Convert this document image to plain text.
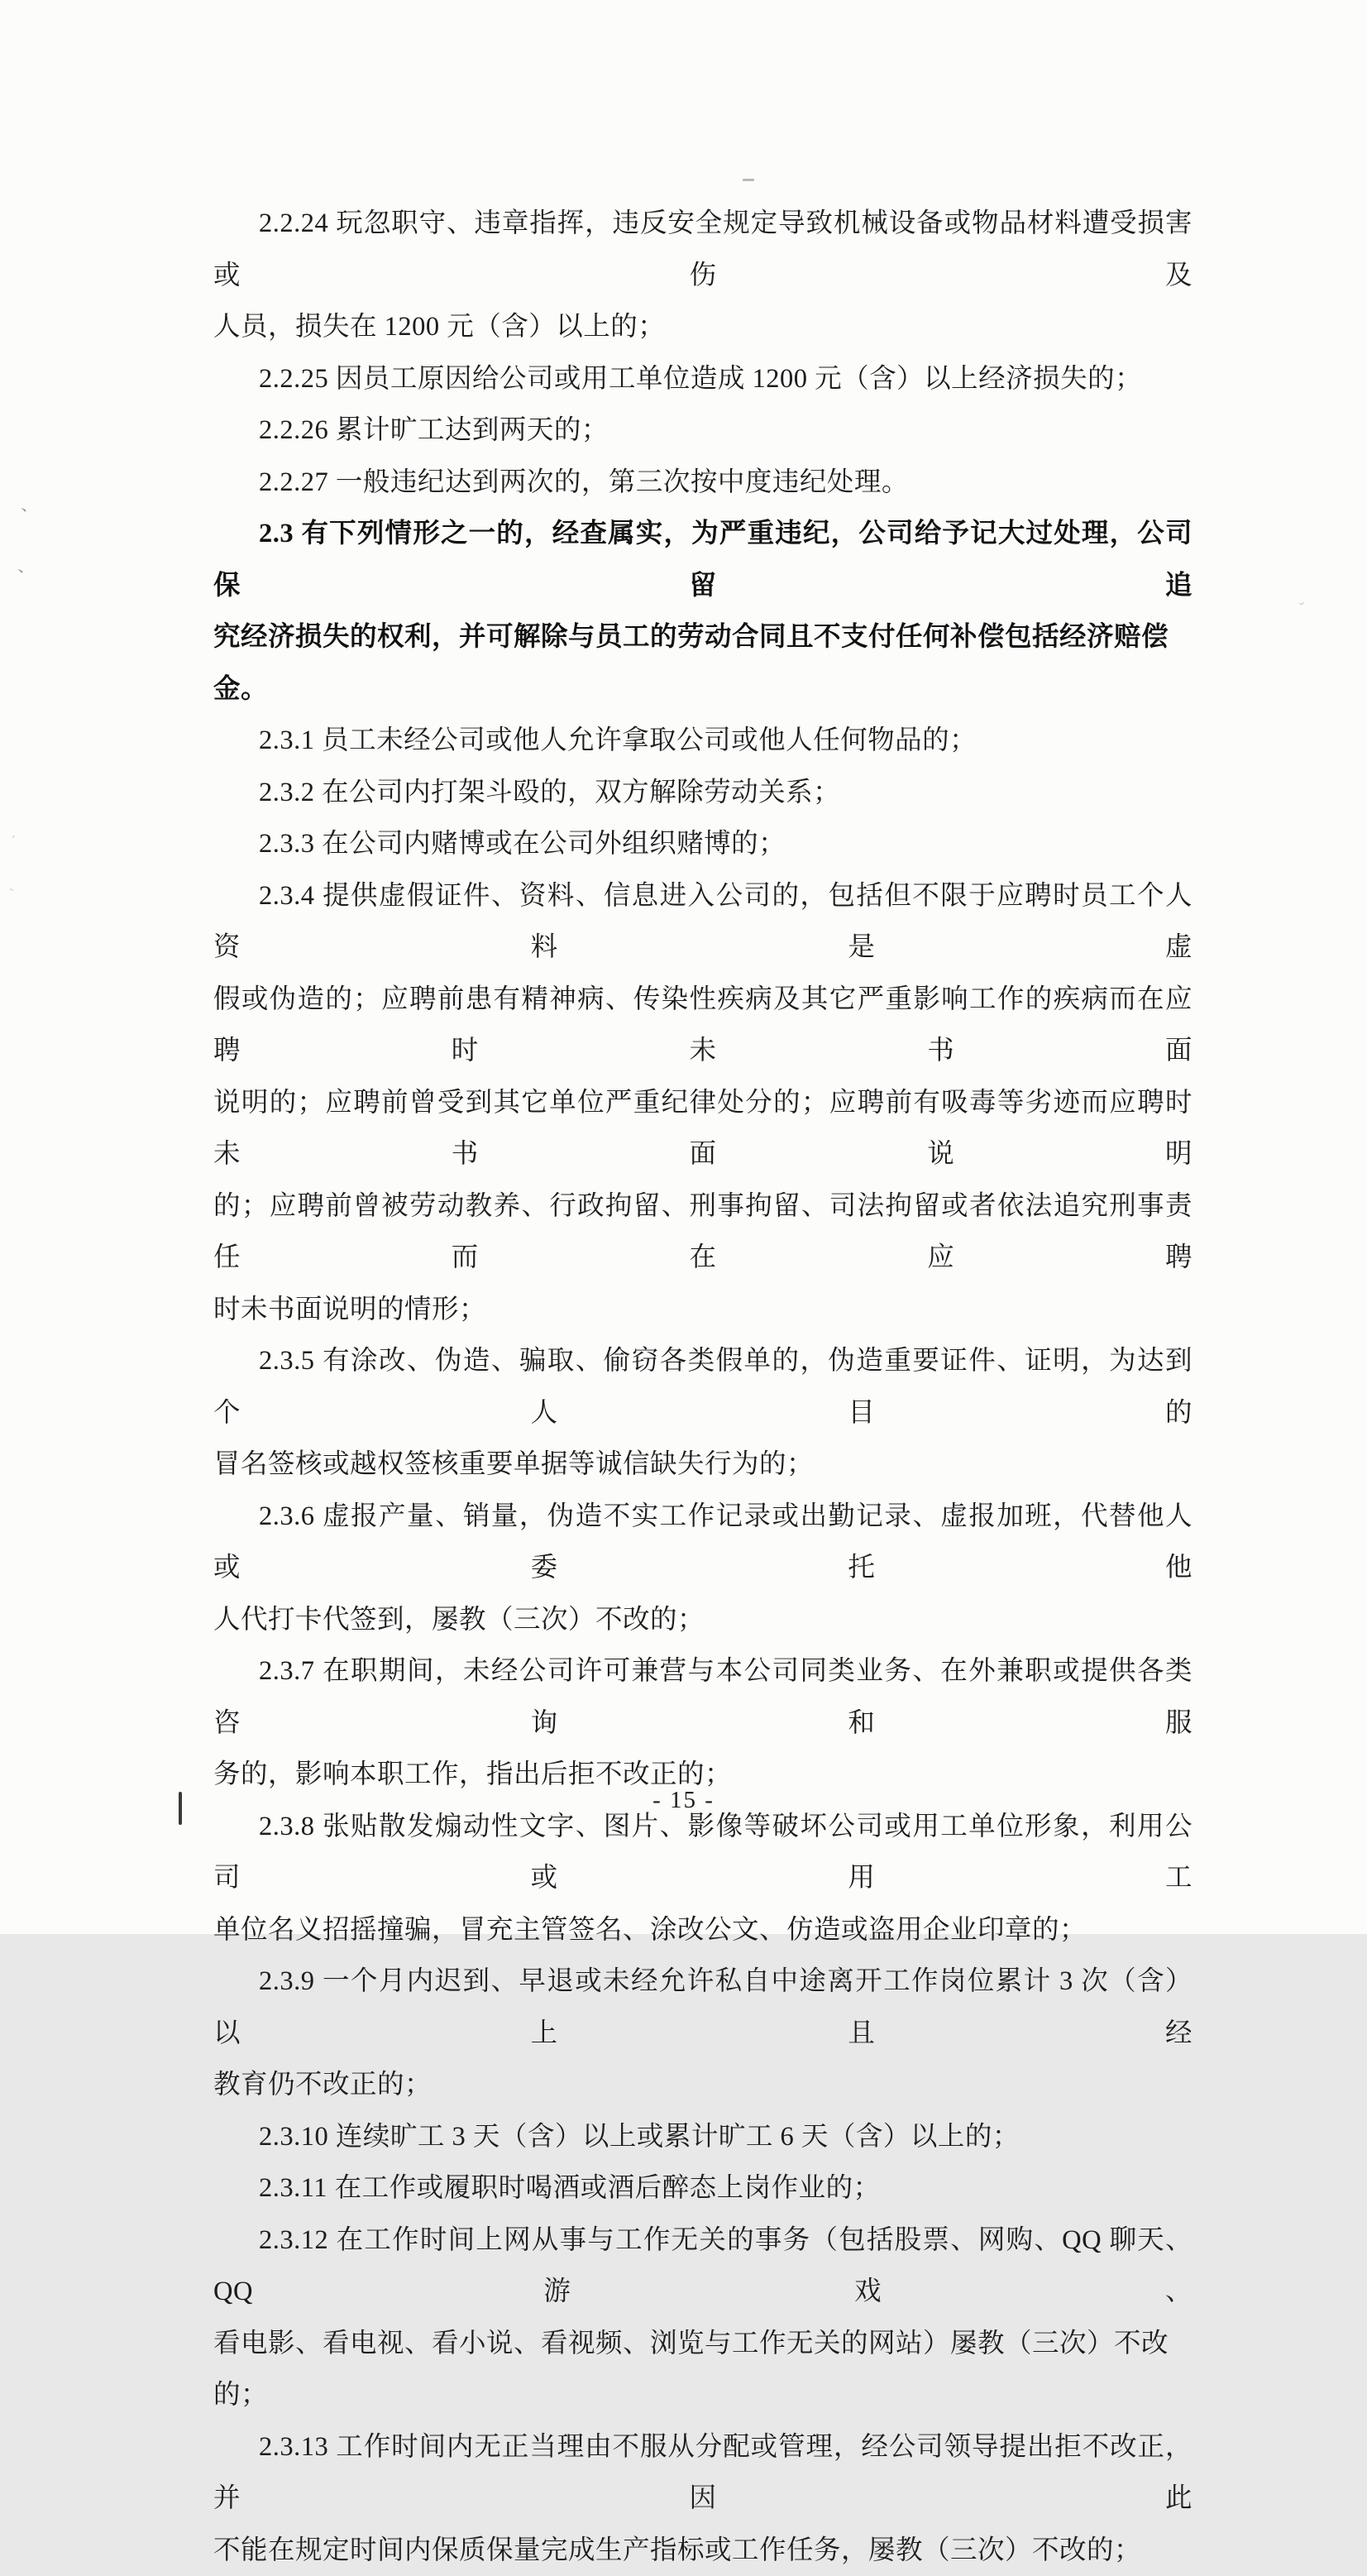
2.2.24 玩忽职守、违章指挥，违反安全规定导致机械设备或物品材料遭受损害或伤及
人员，损失在 1200 元（含）以上的；
2.2.25 因员工原因给公司或用工单位造成 1200 元（含）以上经济损失的；
2.2.26 累计旷工达到两天的；
2.2.27 一般违纪达到两次的，第三次按中度违纪处理。
2.3 有下列情形之一的，经查属实，为严重违纪，公司给予记大过处理，公司保留追
究经济损失的权利，并可解除与员工的劳动合同且不支付任何补偿包括经济赔偿金。
2.3.1 员工未经公司或他人允许拿取公司或他人任何物品的；
2.3.2 在公司内打架斗殴的，双方解除劳动关系；
2.3.3 在公司内赌博或在公司外组织赌博的；
2.3.4 提供虚假证件、资料、信息进入公司的，包括但不限于应聘时员工个人资料是虚
假或伪造的；应聘前患有精神病、传染性疾病及其它严重影响工作的疾病而在应聘时未书面
说明的；应聘前曾受到其它单位严重纪律处分的；应聘前有吸毒等劣迹而应聘时未书面说明
的；应聘前曾被劳动教养、行政拘留、刑事拘留、司法拘留或者依法追究刑事责任而在应聘
时未书面说明的情形；
2.3.5 有涂改、伪造、骗取、偷窃各类假单的，伪造重要证件、证明，为达到个人目的
冒名签核或越权签核重要单据等诚信缺失行为的；
2.3.6 虚报产量、销量，伪造不实工作记录或出勤记录、虚报加班，代替他人或委托他
人代打卡代签到，屡教（三次）不改的；
2.3.7 在职期间，未经公司许可兼营与本公司同类业务、在外兼职或提供各类咨询和服
务的，影响本职工作，指出后拒不改正的；
2.3.8 张贴散发煽动性文字、图片、影像等破坏公司或用工单位形象，利用公司或用工
单位名义招摇撞骗，冒充主管签名、涂改公文、仿造或盗用企业印章的；
2.3.9 一个月内迟到、早退或未经允许私自中途离开工作岗位累计 3 次（含）以上且经
教育仍不改正的；
2.3.10 连续旷工 3 天（含）以上或累计旷工 6 天（含）以上的；
2.3.11 在工作或履职时喝酒或酒后醉态上岗作业的；
2.3.12 在工作时间上网从事与工作无关的事务（包括股票、网购、QQ 聊天、QQ 游戏、
看电影、看电视、看小说、看视频、浏览与工作无关的网站）屡教（三次）不改的；
2.3.13 工作时间内无正当理由不服从分配或管理，经公司领导提出拒不改正，并因此
不能在规定时间内保质保量完成生产指标或工作任务，屡教（三次）不改的；
- 15 -
、
、
ˊ
ˋ
ˇ
